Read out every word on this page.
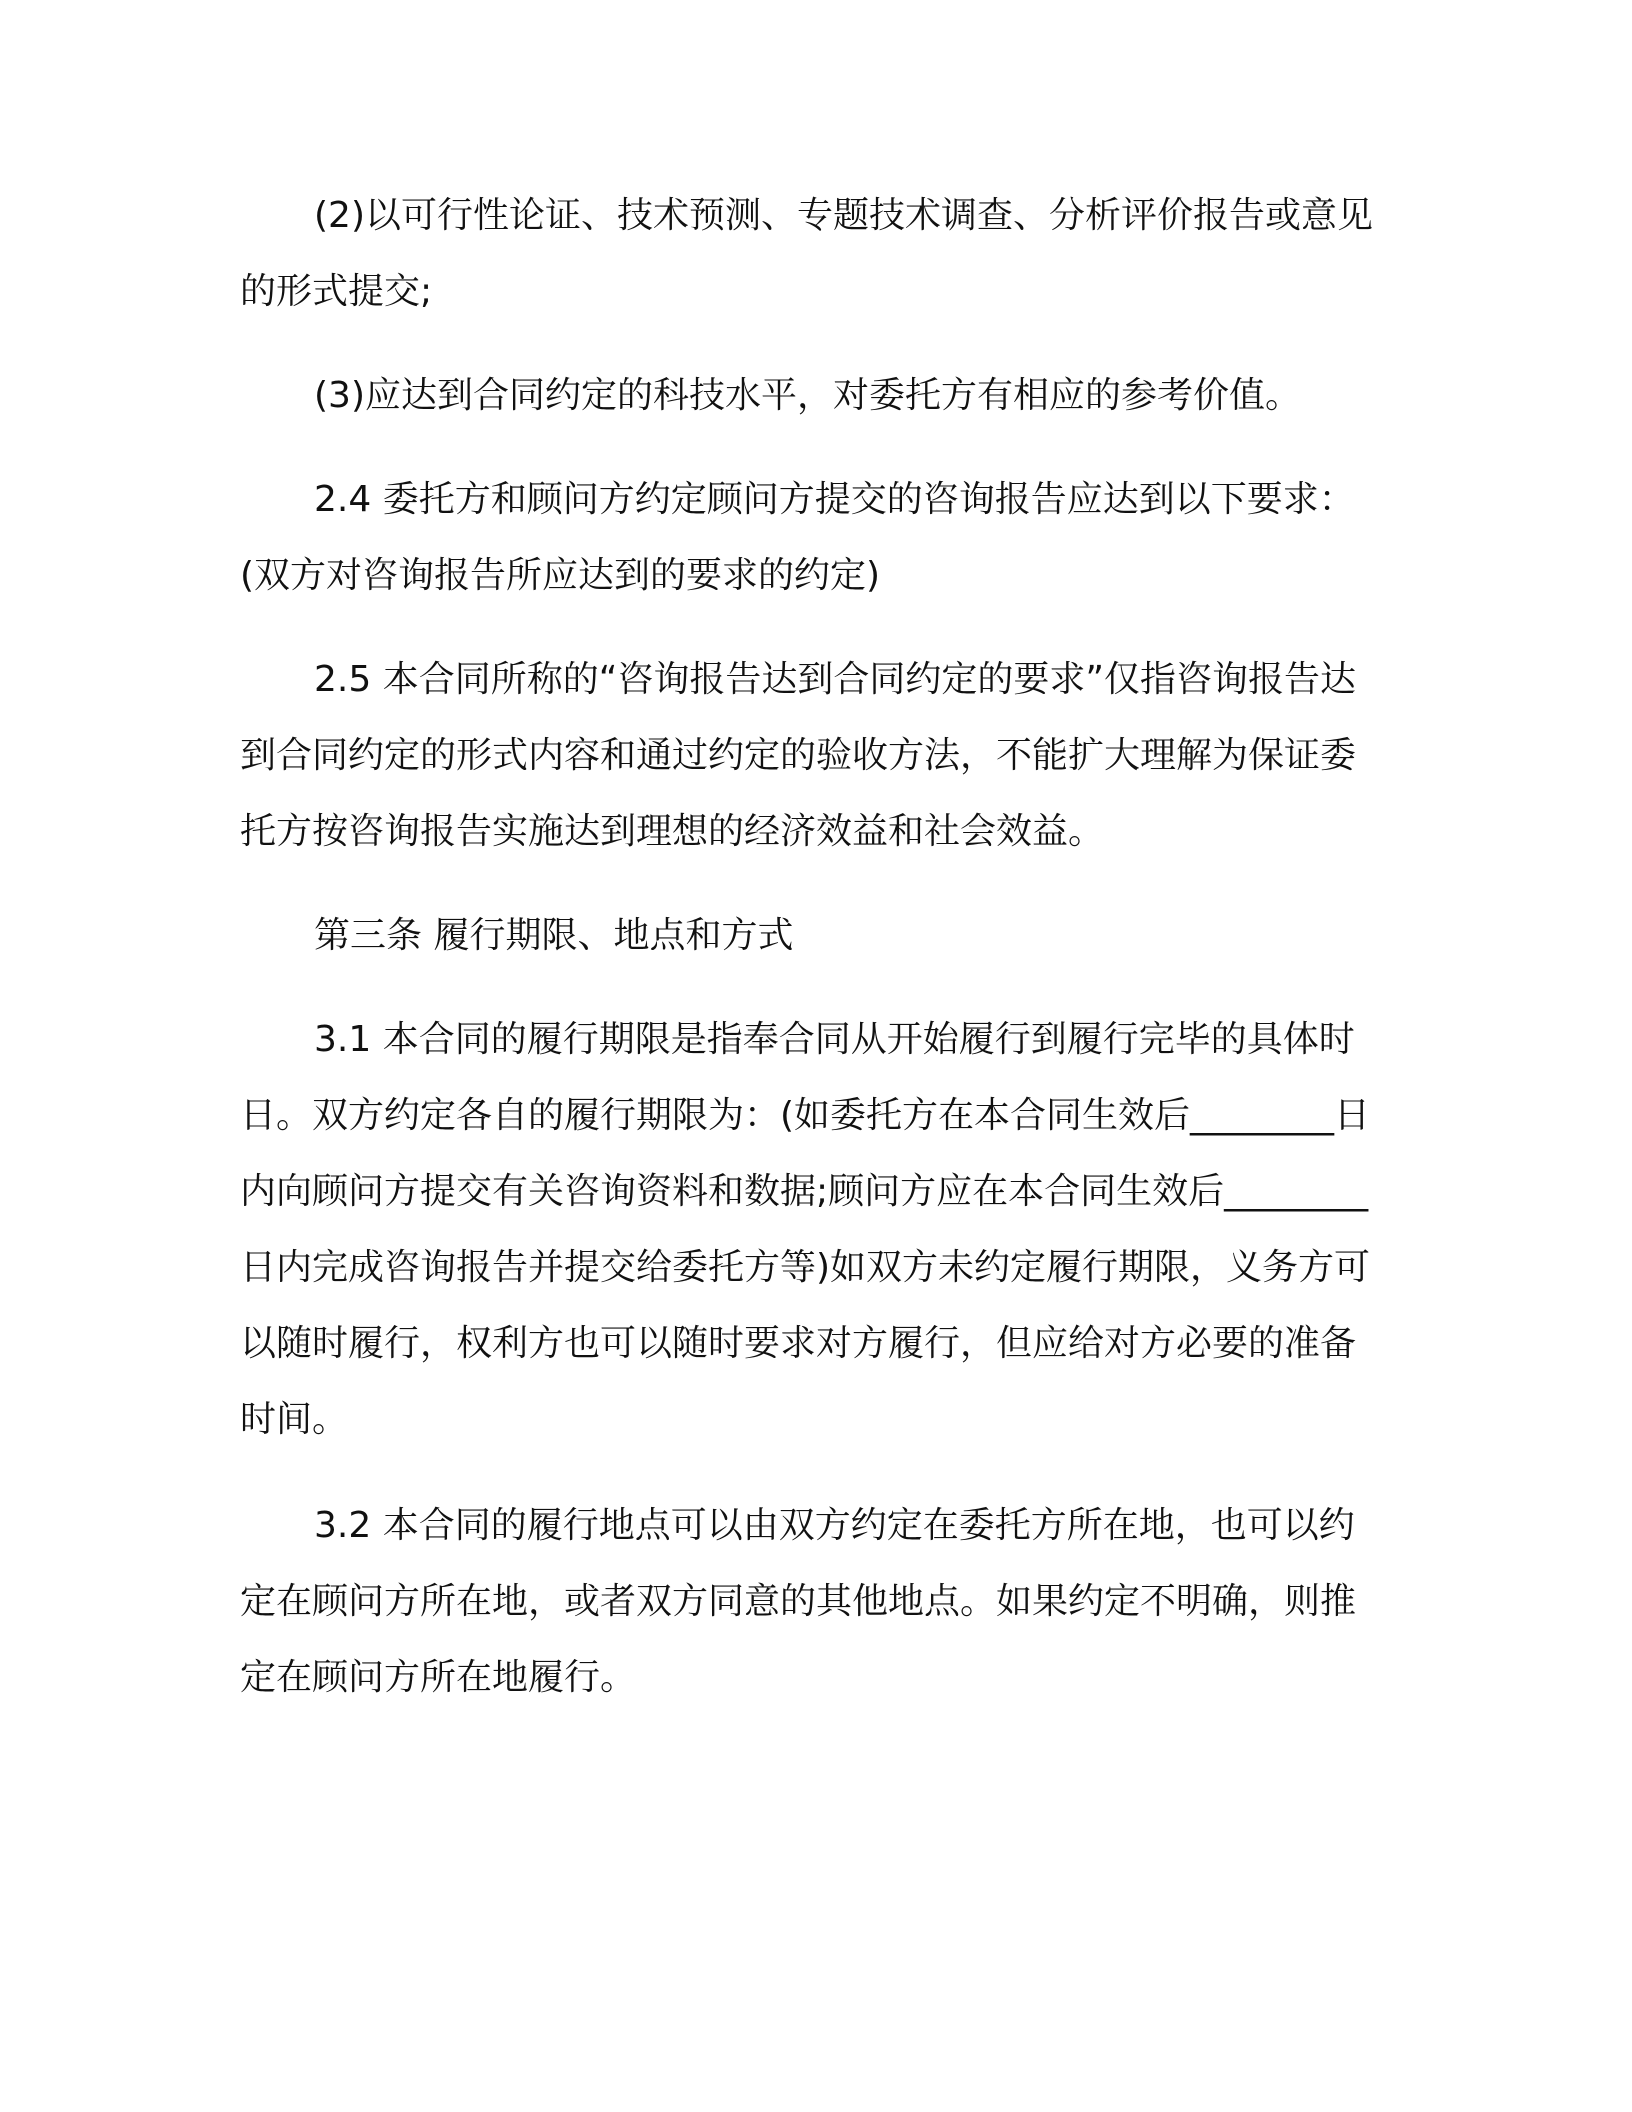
(2)以可行性论证、技术预测、专题技术调查、分析评价报告或意见的形式提交;

(3)应达到合同约定的科技水平，对委托方有相应的参考价值。

2.4 委托方和顾问方约定顾问方提交的咨询报告应达到以下要求：(双方对咨询报告所应达到的要求的约定)

2.5 本合同所称的“咨询报告达到合同约定的要求”仅指咨询报告达到合同约定的形式内容和通过约定的验收方法，不能扩大理解为保证委托方按咨询报告实施达到理想的经济效益和社会效益。

第三条 履行期限、地点和方式

3.1 本合同的履行期限是指奉合同从开始履行到履行完毕的具体时日。双方约定各自的履行期限为：(如委托方在本合同生效后________日内向顾问方提交有关咨询资料和数据;顾问方应在本合同生效后________日内完成咨询报告并提交给委托方等)如双方未约定履行期限，义务方可以随时履行，权利方也可以随时要求对方履行，但应给对方必要的准备时间。

3.2 本合同的履行地点可以由双方约定在委托方所在地，也可以约定在顾问方所在地，或者双方同意的其他地点。如果约定不明确，则推定在顾问方所在地履行。
